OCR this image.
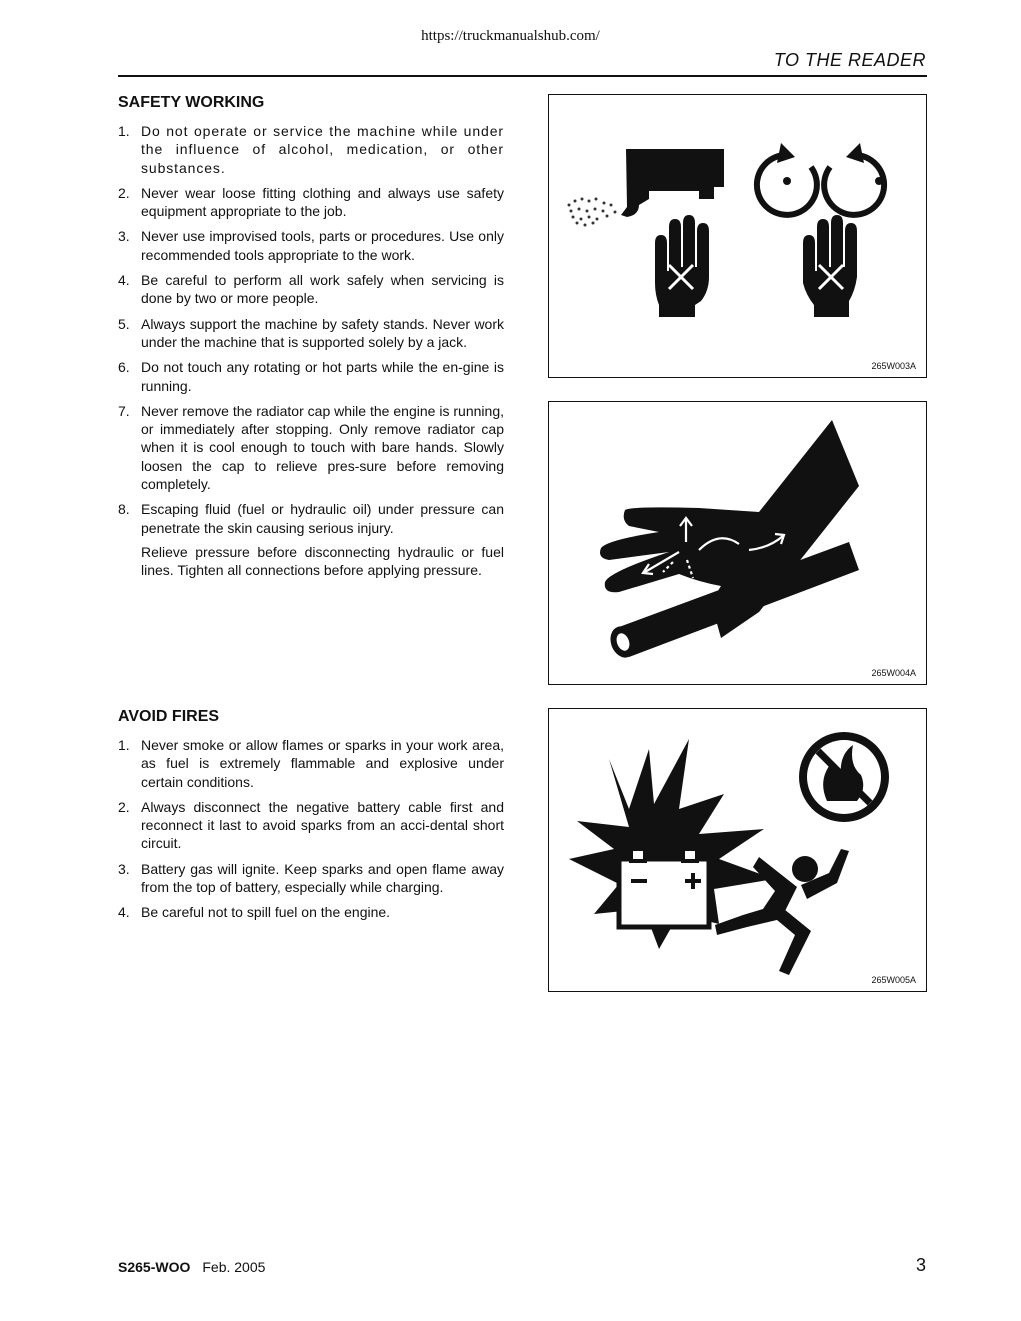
https://truckmanualshub.com/
TO THE READER
SAFETY WORKING
1. Do not operate or service the machine while under the influence of alcohol, medication, or other substances.
2. Never wear loose fitting clothing and always use safety equipment appropriate to the job.
3. Never use improvised tools, parts or procedures. Use only recommended tools appropriate to the work.
4. Be careful to perform all work safely when servicing is done by two or more people.
5. Always support the machine by safety stands. Never work under the machine that is supported solely by a jack.
6. Do not touch any rotating or hot parts while the en-gine is running.
7. Never remove the radiator cap while the engine is running, or immediately after stopping. Only remove radiator cap when it is cool enough to touch with bare hands. Slowly loosen the cap to relieve pres-sure before removing completely.
8. Escaping fluid (fuel or hydraulic oil) under pressure can penetrate the skin causing serious injury.
Relieve pressure before disconnecting hydraulic or fuel lines. Tighten all connections before applying pressure.
AVOID FIRES
1. Never smoke or allow flames or sparks in your work area, as fuel is extremely flammable and explosive under certain conditions.
2. Always disconnect the negative battery cable first and reconnect it last to avoid sparks from an acci-dental short circuit.
3. Battery gas will ignite. Keep sparks and open flame away from the top of battery, especially while charging.
4. Be careful not to spill fuel on the engine.
265W003A
265W004A
265W005A
S265-WOO Feb. 2005	3
